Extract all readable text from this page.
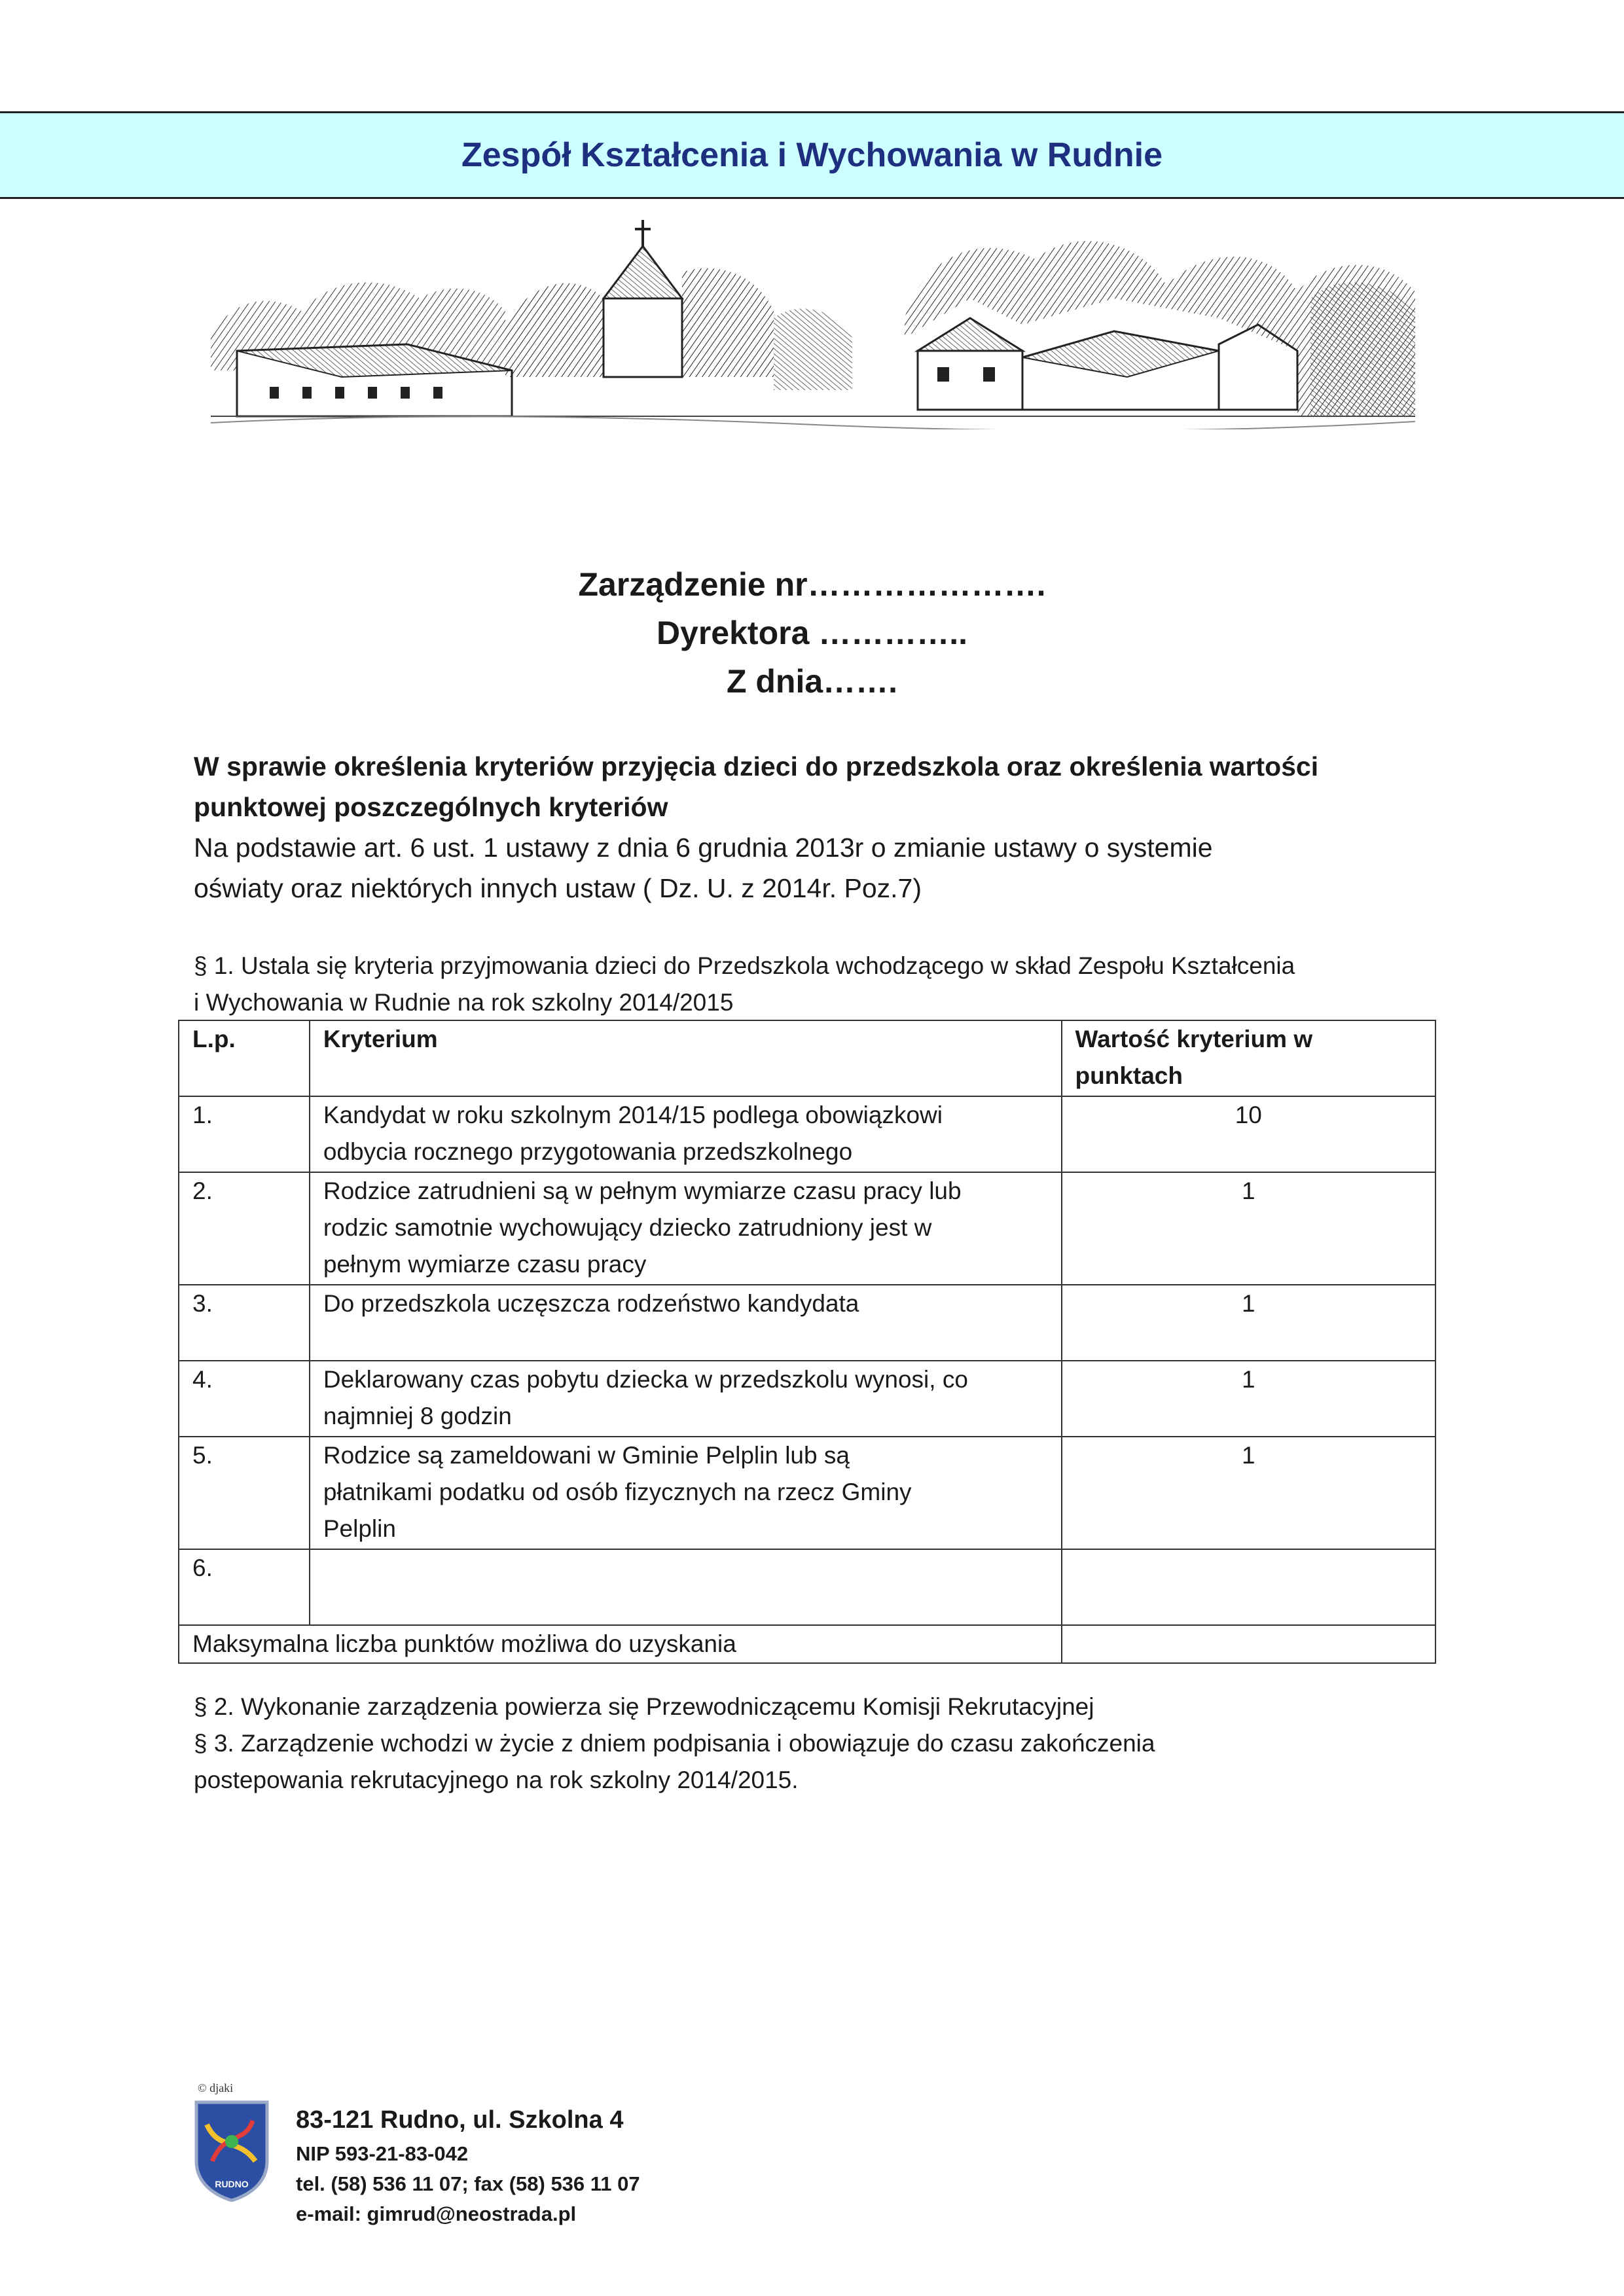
Zespół Kształcenia i Wychowania w Rudnie
Zarządzenie nr………………….
Dyrektora …………..
Z dnia…….
W sprawie określenia kryteriów przyjęcia dzieci do przedszkola oraz określenia wartości
punktowej poszczególnych kryteriów
Na podstawie art. 6 ust. 1 ustawy z dnia 6 grudnia 2013r o zmianie ustawy o systemie
oświaty oraz niektórych innych ustaw ( Dz. U. z 2014r. Poz.7)
§ 1. Ustala się kryteria przyjmowania dzieci do Przedszkola wchodzącego w skład Zespołu Kształcenia
i Wychowania w Rudnie na rok szkolny 2014/2015
L.p.	Kryterium	Wartość kryterium w
punktach

1.	Kandydat w roku szkolnym 2014/15 podlega obowiązkowi
odbycia rocznego przygotowania przedszkolnego	10
2.	Rodzice zatrudnieni są w pełnym wymiarze czasu pracy lub
rodzic samotnie wychowujący dziecko zatrudniony jest w
pełnym wymiarze czasu pracy	1
3.	Do przedszkola uczęszcza rodzeństwo kandydata	1
4.	Deklarowany czas pobytu dziecka w przedszkolu wynosi, co
najmniej 8 godzin	1
5.	Rodzice są zameldowani w Gminie Pelplin lub są
płatnikami podatku od osób fizycznych na rzecz Gminy
Pelplin	1
6.		
Maksymalna liczba punktów możliwa do uzyskania		
§ 2. Wykonanie zarządzenia powierza się Przewodniczącemu Komisji Rekrutacyjnej
§ 3. Zarządzenie wchodzi w życie z dniem podpisania i obowiązuje do czasu zakończenia
postepowania rekrutacyjnego na rok szkolny 2014/2015.
© djaki
RUDNO
83-121 Rudno, ul. Szkolna 4
NIP 593-21-83-042
tel. (58) 536 11 07; fax (58) 536 11 07
e-mail: gimrud@neostrada.pl
